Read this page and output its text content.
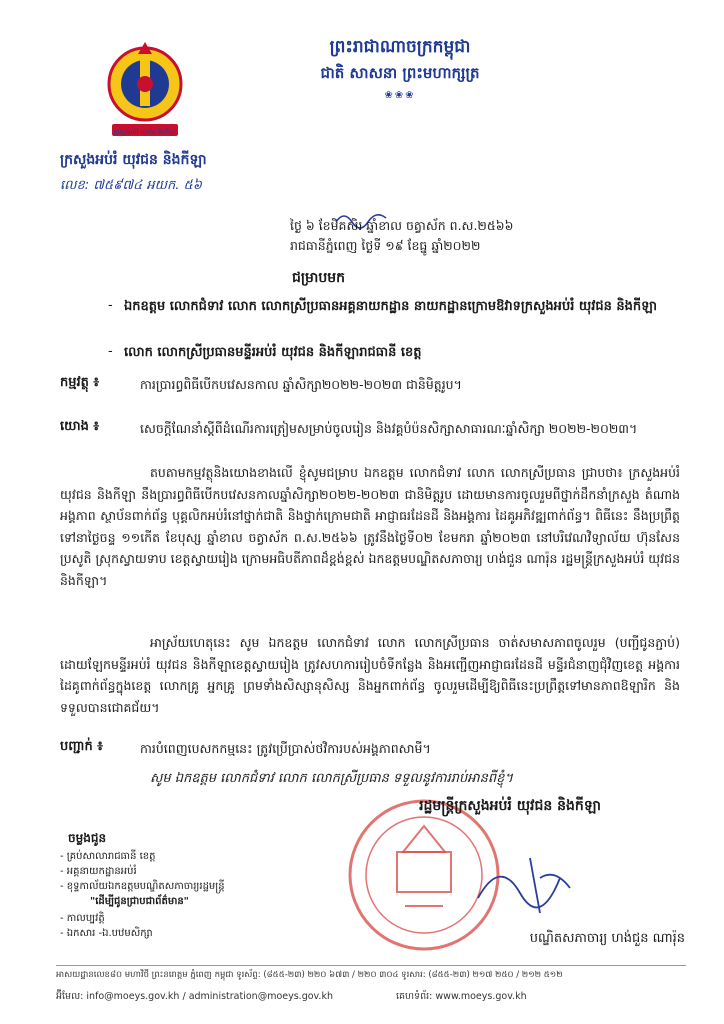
ក្រសួងអប់រំ យុវជន និងកីឡា
ព្រះរាជាណាចក្រកម្ពុជា
ជាតិ សាសនា ព្រះមហាក្សត្រ
❀❀❀
ក្រសួងអប់រំ យុវជន និងកីឡា
លេខ: ៧៥៩៧៤ អយក. ៥៦
ថ្ងៃ ៦ ខែមិគសិរ ឆ្នាំខាល ចត្វាស័ក ព.ស.២៥៦៦
រាជធានីភ្នំពេញ ថ្ងៃទី ១៩ ខែធ្នូ ឆ្នាំ២០២២
ជម្រាបមក
- ឯកឧត្តម លោកជំទាវ លោក លោកស្រីប្រធានអគ្គនាយកដ្ឋាន នាយកដ្ឋានក្រោមឱវាទក្រសួងអប់រំ យុវជន និងកីឡា
- លោក លោកស្រីប្រធានមន្ទីរអប់រំ យុវជន និងកីឡារាជធានី ខេត្ត
កម្មវត្ថុ ៖	ការប្រារព្ធពិធីបើកបវេសនកាល ឆ្នាំសិក្សា២០២២-២០២៣ ជានិមិត្តរូប។
យោង ៖	សេចក្តីណែនាំស្តីពីដំណើរការត្រៀមសម្រាប់ចូលរៀន និងវគ្គបំប៉នសិក្សាសាធារណៈឆ្នាំសិក្សា ២០២២-២០២៣។
តបតាមកម្មវត្ថុនិងយោងខាងលើ ខ្ញុំសូមជម្រាប ឯកឧត្តម លោកជំទាវ លោក លោកស្រីប្រធាន ជ្រាបថា៖ ក្រសួងអប់រំ យុវជន និងកីឡា នឹងប្រារព្ធពិធីបើកបវេសនកាលឆ្នាំសិក្សា២០២២-២០២៣ ជានិមិត្តរូប ដោយមានការចូលរួមពីថ្នាក់ដឹកនាំក្រសួង តំណាងអង្គភាព ស្ថាប័នពាក់ព័ន្ធ បុគ្គលិកអប់រំនៅថ្នាក់ជាតិ និងថ្នាក់ក្រោមជាតិ អាជ្ញាធរដែនដី និងអង្គការ ដៃគូអភិវឌ្ឍពាក់ព័ន្ធ។ ពិធីនេះ នឹងប្រព្រឹត្តទៅនាថ្ងៃចន្ទ ១១កើត ខែបុស្ស ឆ្នាំខាល ចត្វាស័ក ព.ស.២៥៦៦ ត្រូវនឹងថ្ងៃទី០២ ខែមករា ឆ្នាំ២០២៣ នៅបរិវេណវិទ្យាល័យ ហ៊ុនសែន ប្រសូតិ ស្រុកស្វាយទាប ខេត្តស្វាយរៀង ក្រោមអធិបតីភាពដ៏ខ្ពង់ខ្ពស់ ឯកឧត្តមបណ្ឌិតសភាចារ្យ ហង់ជួន ណារ៉ុន រដ្ឋមន្ត្រីក្រសួងអប់រំ យុវជន និងកីឡា។
អាស្រ័យហេតុនេះ សូម ឯកឧត្តម លោកជំទាវ លោក លោកស្រីប្រធាន ចាត់សមាសភាពចូលរួម (បញ្ជីជូនភ្ជាប់) ដោយឡែកមន្ទីរអប់រំ យុវជន និងកីឡាខេត្តស្វាយរៀង ត្រូវសហការរៀបចំទីកន្លែង និងអញ្ជើញអាជ្ញាធរដែនដី មន្ទីរជំនាញជុំវិញខេត្ត អង្គការដៃគូពាក់ព័ន្ធក្នុងខេត្ត លោកគ្រូ អ្នកគ្រូ ព្រមទាំងសិស្សានុសិស្ស និងអ្នកពាក់ព័ន្ធ ចូលរួមដើម្បីឱ្យពិធីនេះប្រព្រឹត្តទៅមានភាពឱឡារិក និងទទួលបានជោគជ័យ។
បញ្ជាក់ ៖	ការបំពេញបេសកកម្មនេះ ត្រូវប្រើប្រាស់ថវិការបស់អង្គភាពសាមី។
សូម ឯកឧត្តម លោកជំទាវ លោក លោកស្រីប្រធាន ទទួលនូវការរាប់អានពីខ្ញុំ។
រដ្ឋមន្ត្រីក្រសួងអប់រំ យុវជន និងកីឡា
បណ្ឌិតសភាចារ្យ ហង់ជួន ណារ៉ុន
ចម្លងជូន
- គ្រប់សាលារាជធានី ខេត្ត
- អគ្គនាយកដ្ឋានអប់រំ
- ខុទ្ទកាល័យឯកឧត្តមបណ្ឌិតសភាចារ្យរដ្ឋមន្ត្រី
"ដើម្បីជូនជ្រាបជាព័ត៌មាន"
- កាលប្បវត្តិ
- ឯកសារ -ឯ.បឋមសិក្សា
អាសយដ្ឋានលេខ៨០ មហាវិថី ព្រះនរោត្តម ភ្នំពេញ កម្ពុជា ទូរស័ព្ទ: (៨៥៥-២៣) ២២០ ៦៧៣ / ២២០ ៣០៤ ទូរសារ: (៨៥៥-២៣) ២១៧ ២៥០ / ២១២ ៥១២
អ៊ីមែល: info@moeys.gov.kh / administration@moeys.gov.kh	គេហទំព័រ: www.moeys.gov.kh
